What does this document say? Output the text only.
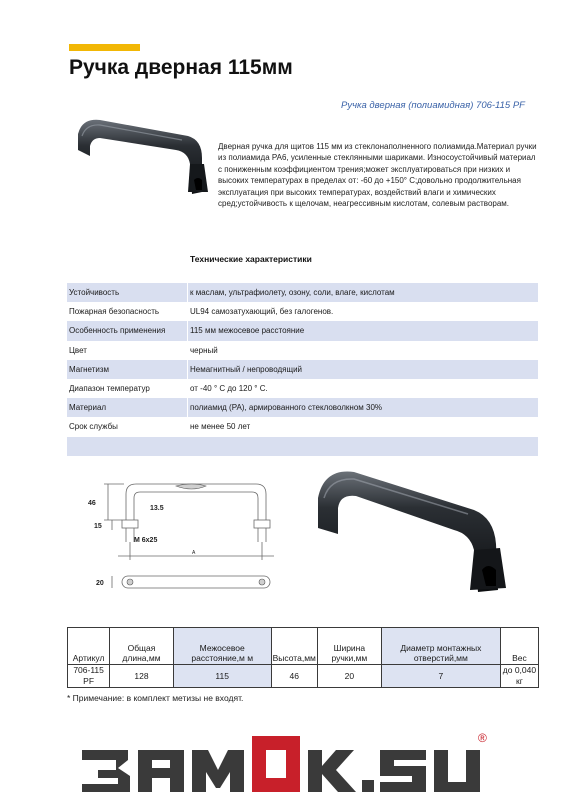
Ручка дверная 115мм
Ручка дверная (полиамидная) 706-115 PF

Дверная ручка для щитов 115 мм из стеклонаполненного полиамида.Материал ручки из полиамида PA6, усиленные стеклянными шариками. Износоустойчивый материал с пониженным коэффициентом трения;может эксплуатироваться при низких и высоких температурах в пределах от: -60 до +150° С;довольно продолжительная эксплуатация при высоких температурах, воздействий влаги и химических сред;устойчивость к щелочам, неагрессивным кислотам, солевым растворам.

Технические характеристики
Устойчивость		к маслам, ультрафиолету, озону, соли, влаге, кислотам
Пожарная безопасность		UL94 самозатухающий, без галогенов.
Особенность применения		115 мм межосевое расстояние
Цвет		черный
Магнетизм		Немагнитный / непроводящий
Диапазон температур		от -40 ° С до 120 ° С.
Материал		полиамид (PA), армированного стекловолкном 30%
Срок службы		не менее 50 лет

46
13.5
15
M 6x25
A
20
Артикул	Общая длина,мм	Межосевое расстояние,м м	Высота,мм	Ширина ручки,мм	Диаметр монтажных отверстий,мм	Вес
706-115 PF	128	115	46	20	7	до 0,040 кг
* Примечание: в комплект метизы не входят.
®
